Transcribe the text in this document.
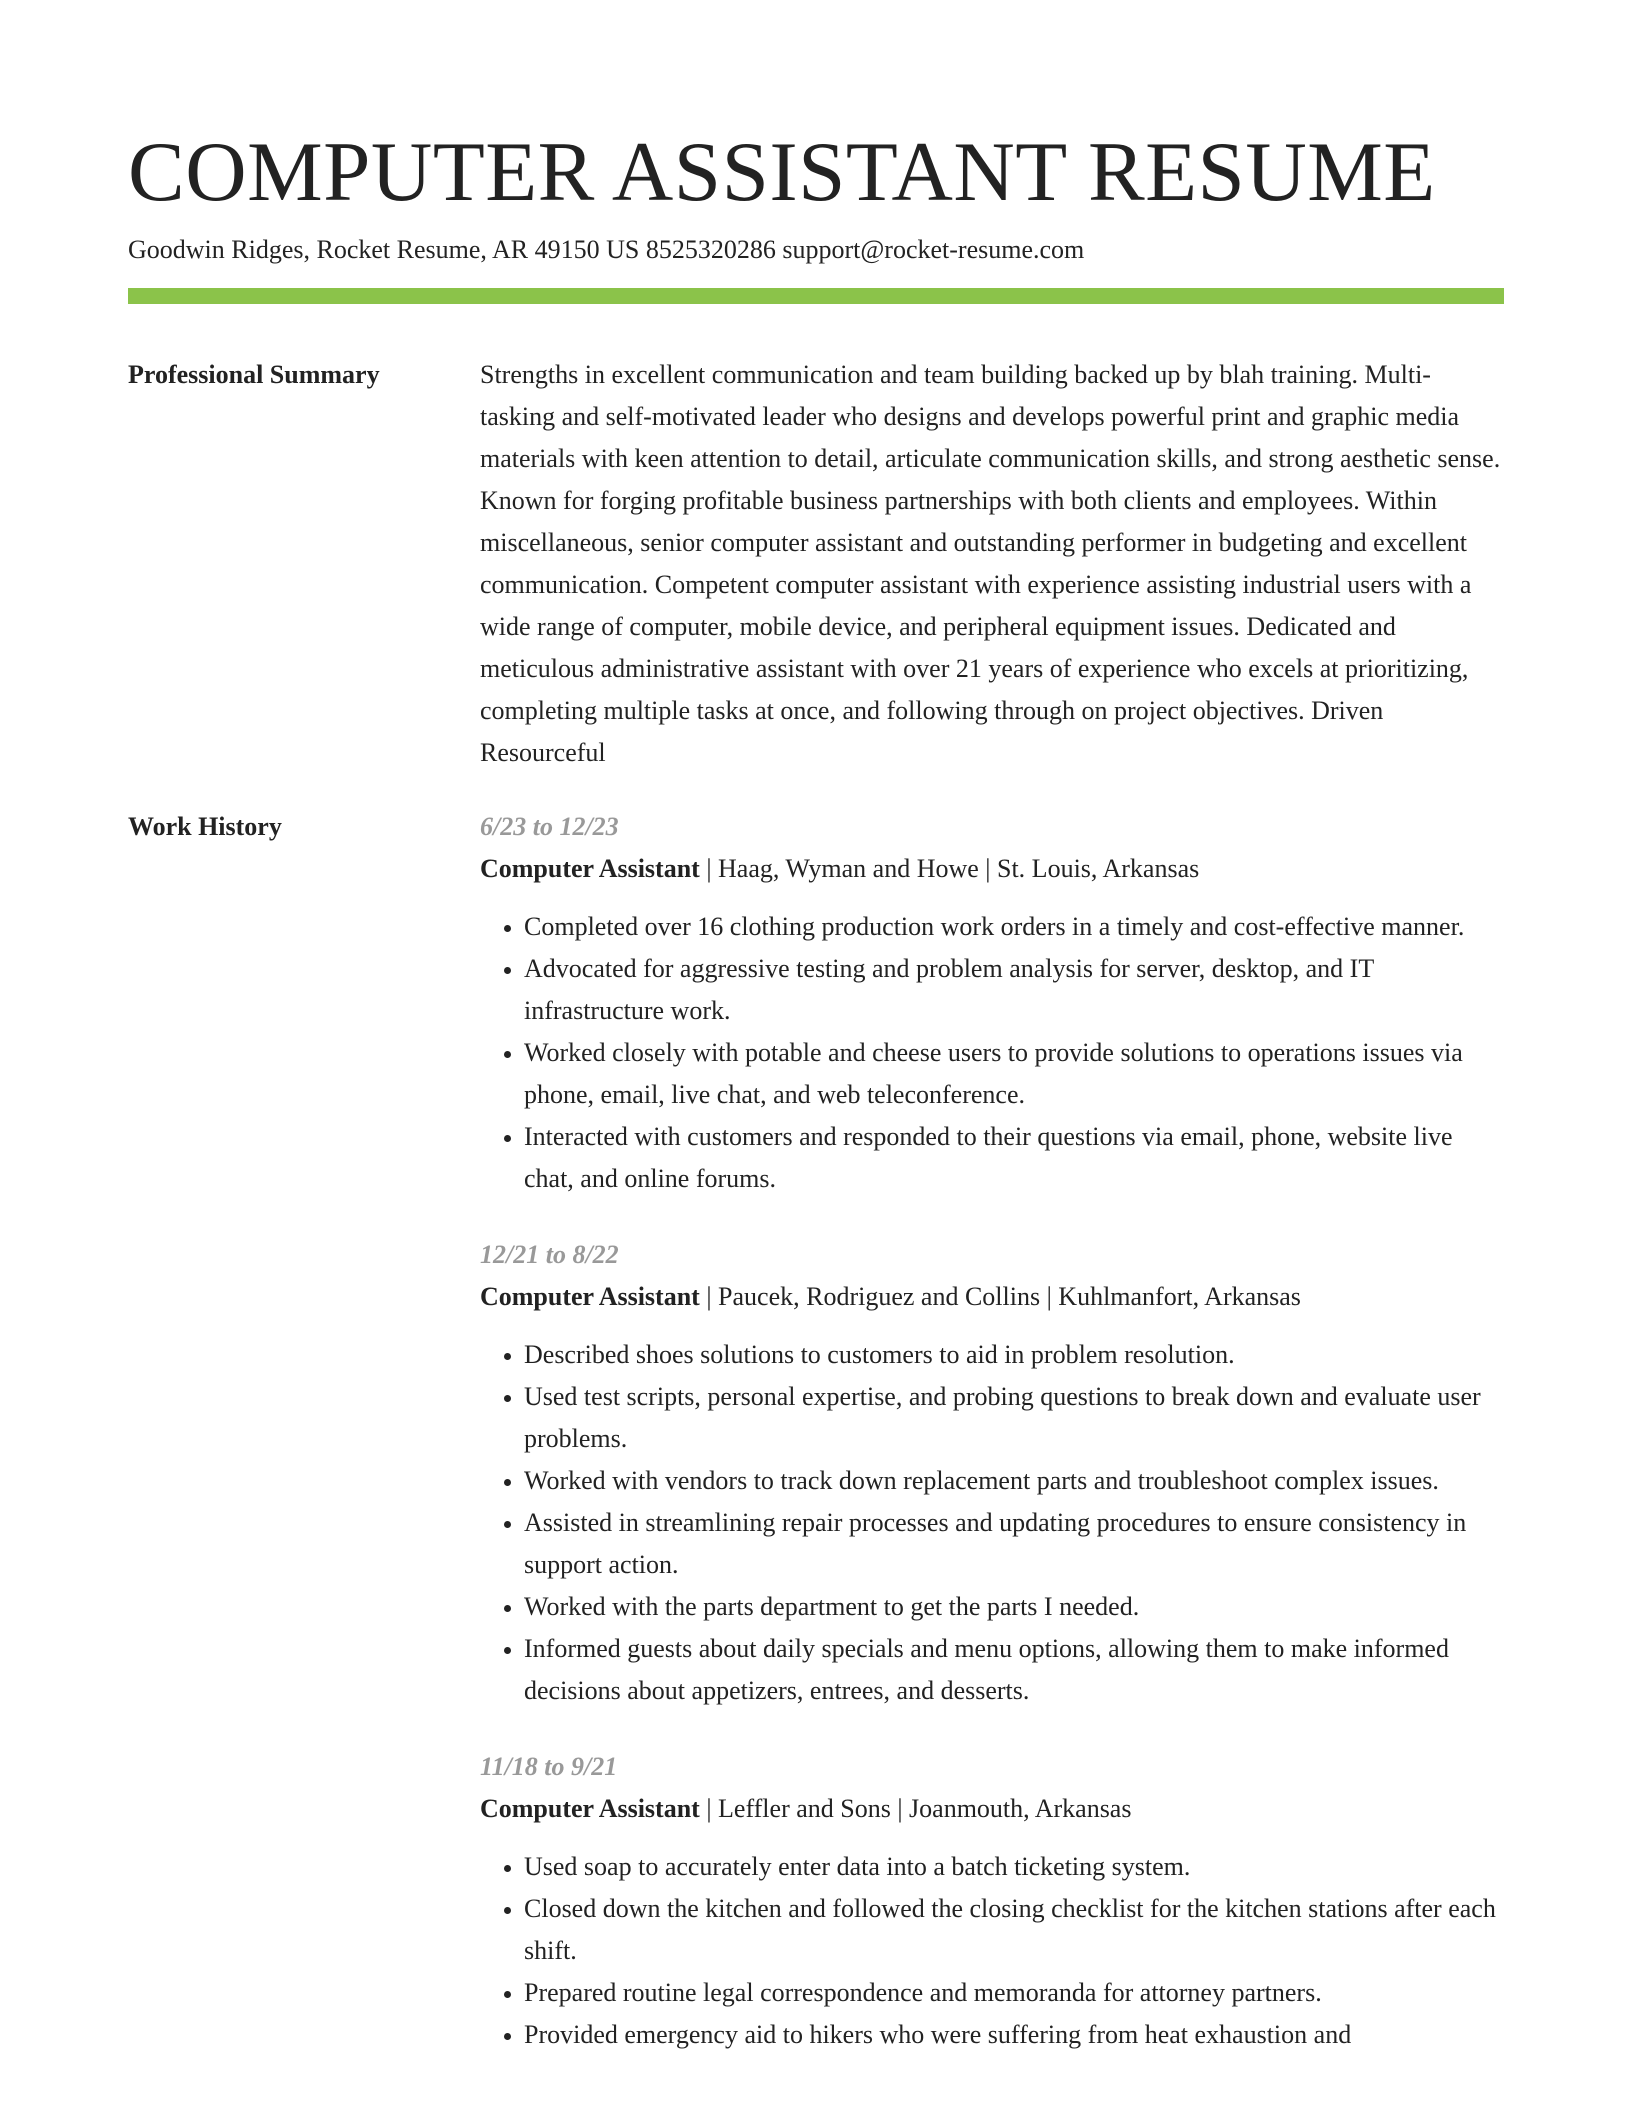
COMPUTER ASSISTANT RESUME
Goodwin Ridges, Rocket Resume, AR 49150 US 8525320286 support@rocket-resume.com
Professional Summary	Strengths in excellent communication and team building backed up by blah training. Multi-tasking and self-motivated leader who designs and develops powerful print and graphic media materials with keen attention to detail, articulate communication skills, and strong aesthetic sense. Known for forging profitable business partnerships with both clients and employees. Within miscellaneous, senior computer assistant and outstanding performer in budgeting and excellent communication. Competent computer assistant with experience assisting industrial users with a wide range of computer, mobile device, and peripheral equipment issues. Dedicated and meticulous administrative assistant with over 21 years of experience who excels at prioritizing, completing multiple tasks at once, and following through on project objectives. Driven Resourceful

Work History	6/23 to 12/23
Computer Assistant | Haag, Wyman and Howe | St. Louis, Arkansas
• Completed over 16 clothing production work orders in a timely and cost-effective manner.
• Advocated for aggressive testing and problem analysis for server, desktop, and IT infrastructure work.
• Worked closely with potable and cheese users to provide solutions to operations issues via phone, email, live chat, and web teleconference.
• Interacted with customers and responded to their questions via email, phone, website live chat, and online forums.
12/21 to 8/22
Computer Assistant | Paucek, Rodriguez and Collins | Kuhlmanfort, Arkansas
• Described shoes solutions to customers to aid in problem resolution.
• Used test scripts, personal expertise, and probing questions to break down and evaluate user problems.
• Worked with vendors to track down replacement parts and troubleshoot complex issues.
• Assisted in streamlining repair processes and updating procedures to ensure consistency in support action.
• Worked with the parts department to get the parts I needed.
• Informed guests about daily specials and menu options, allowing them to make informed decisions about appetizers, entrees, and desserts.
11/18 to 9/21
Computer Assistant | Leffler and Sons | Joanmouth, Arkansas
• Used soap to accurately enter data into a batch ticketing system.
• Closed down the kitchen and followed the closing checklist for the kitchen stations after each shift.
• Prepared routine legal correspondence and memoranda for attorney partners.
• Provided emergency aid to hikers who were suffering from heat exhaustion and
